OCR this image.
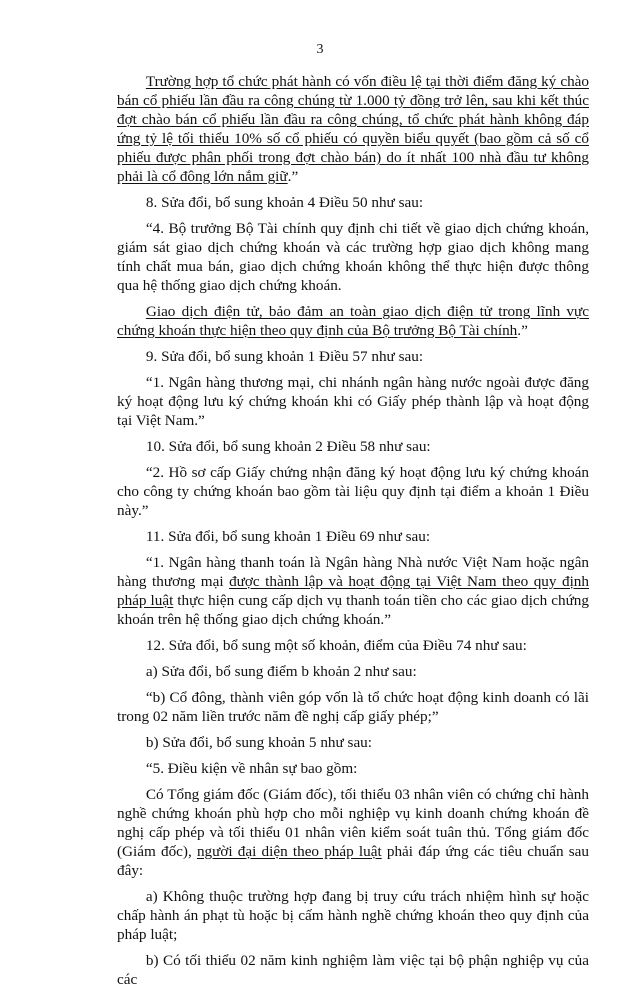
3

Trường hợp tổ chức phát hành có vốn điều lệ tại thời điểm đăng ký chào bán cổ phiếu lần đầu ra công chúng từ 1.000 tỷ đồng trở lên, sau khi kết thúc đợt chào bán cổ phiếu lần đầu ra công chúng, tổ chức phát hành không đáp ứng tỷ lệ tối thiểu 10% số cổ phiếu có quyền biểu quyết (bao gồm cả số cổ phiếu được phân phối trong đợt chào bán) do ít nhất 100 nhà đầu tư không phải là cổ đông lớn nắm giữ.”

8. Sửa đổi, bổ sung khoản 4 Điều 50 như sau:

“4. Bộ trưởng Bộ Tài chính quy định chi tiết về giao dịch chứng khoán, giám sát giao dịch chứng khoán và các trường hợp giao dịch không mang tính chất mua bán, giao dịch chứng khoán không thể thực hiện được thông qua hệ thống giao dịch chứng khoán.

Giao dịch điện tử, bảo đảm an toàn giao dịch điện tử trong lĩnh vực chứng khoán thực hiện theo quy định của Bộ trưởng Bộ Tài chính.”

9. Sửa đổi, bổ sung khoản 1 Điều 57 như sau:

“1. Ngân hàng thương mại, chi nhánh ngân hàng nước ngoài được đăng ký hoạt động lưu ký chứng khoán khi có Giấy phép thành lập và hoạt động tại Việt Nam.”

10. Sửa đổi, bổ sung khoản 2 Điều 58 như sau:

“2. Hồ sơ cấp Giấy chứng nhận đăng ký hoạt động lưu ký chứng khoán cho công ty chứng khoán bao gồm tài liệu quy định tại điểm a khoản 1 Điều này.”

11. Sửa đổi, bổ sung khoản 1 Điều 69 như sau:

“1. Ngân hàng thanh toán là Ngân hàng Nhà nước Việt Nam hoặc ngân hàng thương mại được thành lập và hoạt động tại Việt Nam theo quy định pháp luật thực hiện cung cấp dịch vụ thanh toán tiền cho các giao dịch chứng khoán trên hệ thống giao dịch chứng khoán.”

12. Sửa đổi, bổ sung một số khoản, điểm của Điều 74 như sau:

a) Sửa đổi, bổ sung điểm b khoản 2 như sau:

“b) Cổ đông, thành viên góp vốn là tổ chức hoạt động kinh doanh có lãi trong 02 năm liền trước năm đề nghị cấp giấy phép;”

b) Sửa đổi, bổ sung khoản 5 như sau:

“5. Điều kiện về nhân sự bao gồm:

Có Tổng giám đốc (Giám đốc), tối thiểu 03 nhân viên có chứng chỉ hành nghề chứng khoán phù hợp cho mỗi nghiệp vụ kinh doanh chứng khoán đề nghị cấp phép và tối thiểu 01 nhân viên kiểm soát tuân thủ. Tổng giám đốc (Giám đốc), người đại diện theo pháp luật phải đáp ứng các tiêu chuẩn sau đây:

a) Không thuộc trường hợp đang bị truy cứu trách nhiệm hình sự hoặc chấp hành án phạt tù hoặc bị cấm hành nghề chứng khoán theo quy định của pháp luật;

b) Có tối thiểu 02 năm kinh nghiệm làm việc tại bộ phận nghiệp vụ của các
